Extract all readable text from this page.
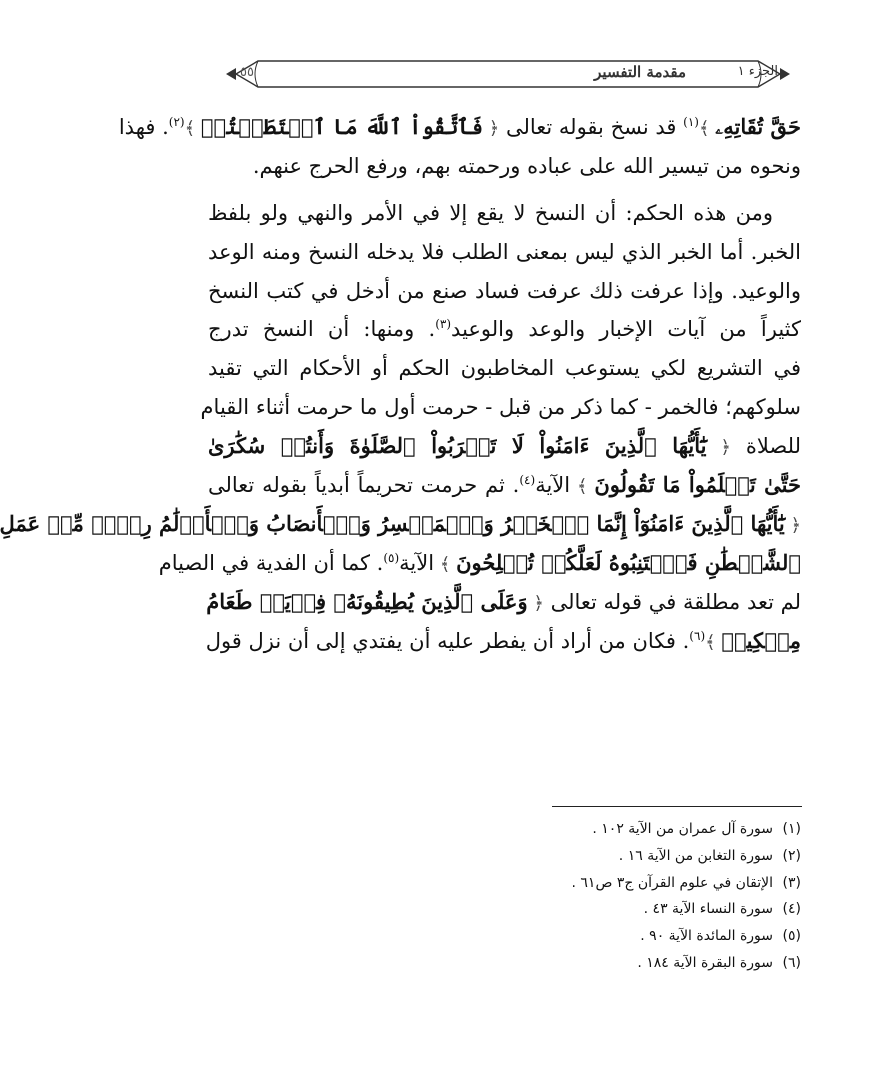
٥٥	مقدمة التفسير	الجزء ١
حَقَّ تُقَاتِهِۦ ﴾$^{(١)}$ قد نسخ بقوله تعالى ﴿ فَٱتَّقُواْ ٱللَّهَ مَا ٱسۡتَطَعۡتُمۡ ﴾$^{(٢)}$. فهذا
ونحوه من تيسير الله على عباده ورحمته بهم، ورفع الحرج عنهم.
ومن هذه الحكم: أن النسخ لا يقع إلا في الأمر والنهي ولو بلفظ
الخبر. أما الخبر الذي ليس بمعنى الطلب فلا يدخله النسخ ومنه الوعد
والوعيد. وإذا عرفت ذلك عرفت فساد صنع من أدخل في كتب النسخ
كثيراً من آيات الإخبار والوعد والوعيد$^{(٣)}$. ومنها: أن النسخ تدرج
في التشريع لكي يستوعب المخاطبون الحكم أو الأحكام التي تقيد
سلوكهم؛ فالخمر - كما ذكر من قبل - حرمت أول ما حرمت أثناء القيام
للصلاة ﴿ يَٰٓأَيُّهَا ٱلَّذِينَ ءَامَنُواْ لَا تَقۡرَبُواْ ٱلصَّلَوٰةَ وَأَنتُمۡ سُكَٰرَىٰ
حَتَّىٰ تَعۡلَمُواْ مَا تَقُولُونَ ﴾ الآية$^{(٤)}$. ثم حرمت تحريماً أبدياً بقوله تعالى
﴿ يَٰٓأَيُّهَا ٱلَّذِينَ ءَامَنُوٓاْ إِنَّمَا ٱلۡخَمۡرُ وَٱلۡمَيۡسِرُ وَٱلۡأَنصَابُ وَٱلۡأَزۡلَٰمُ رِجۡسٞ مِّنۡ عَمَلِ
ٱلشَّيۡطَٰنِ فَٱجۡتَنِبُوهُ لَعَلَّكُمۡ تُفۡلِحُونَ ﴾ الآية$^{(٥)}$. كما أن الفدية في الصيام
لم تعد مطلقة في قوله تعالى ﴿ وَعَلَى ٱلَّذِينَ يُطِيقُونَهُۥ فِدۡيَةٞ طَعَامُ
مِسۡكِينٖ ﴾$^{(٦)}$. فكان من أراد أن يفطر عليه أن يفتدي إلى أن نزل قول
(١)سورة آل عمران من الآية ١٠٢ .
(٢)سورة التغابن من الآية ١٦ .
(٣)الإتقان في علوم القرآن ج٣ ص٦١ .
(٤)سورة النساء الآية ٤٣ .
(٥)سورة المائدة الآية ٩٠ .
(٦)سورة البقرة الآية ١٨٤ .
